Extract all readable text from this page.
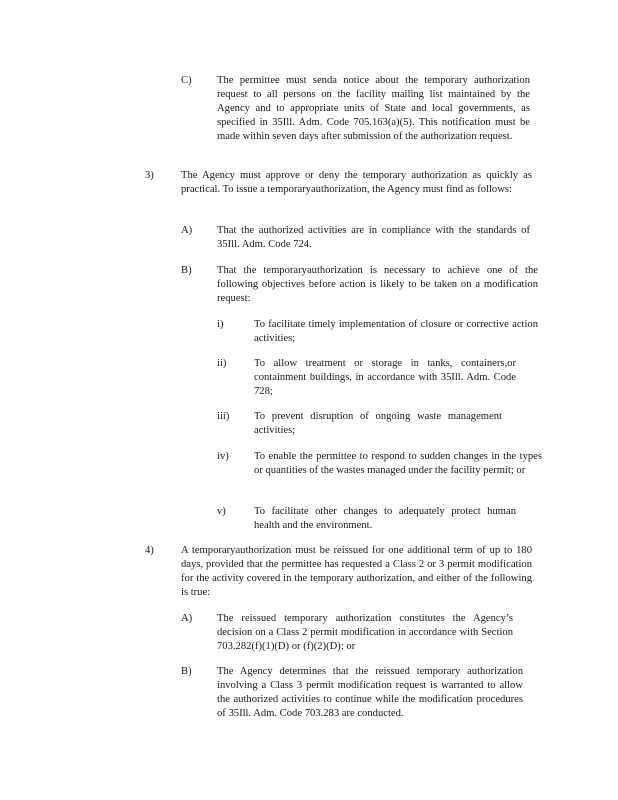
C) The permittee must senda notice about the temporary authorization request to all persons on the facility mailing list maintained by the Agency and to appropriate units of State and local governments, as specified in 35Ill. Adm. Code 705.163(a)(5). This notification must be made within seven days after submission of the authorization request.
3)	The Agency must approve or deny the temporary authorization as quickly as practical. To issue a temporaryauthorization, the Agency must find as follows:
A) That the authorized activities are in compliance with the standards of 35Ill. Adm. Code 724.
B) That the temporaryauthorization is necessary to achieve one of the following objectives before action is likely to be taken on a modification request:
i)	To facilitate timely implementation of closure or corrective action activities;
ii)	To allow treatment or storage in tanks, containers,or containment buildings, in accordance with 35Ill. Adm. Code 728;
iii) To prevent disruption of ongoing waste management activities;
iv) To enable the permittee to respond to sudden changes in the types or quantities of the wastes managed under the facility permit; or
v)	To facilitate other changes to adequately protect human health and the environment.
4)	A temporaryauthorization must be reissued for one additional term of up to 180 days, provided that the permittee has requested a Class 2 or 3 permit modification for the activity covered in the temporary authorization, and either of the following is true:
A) The reissued temporary authorization constitutes the Agency’s decision on a Class 2 permit modification in accordance with Section 703.282(f)(1)(D) or (f)(2)(D); or
B) The Agency determines that the reissued temporary authorization involving a Class 3 permit modification request is warranted to allow the authorized activities to continue while the modification procedures of 35Ill. Adm. Code 703.283 are conducted.
